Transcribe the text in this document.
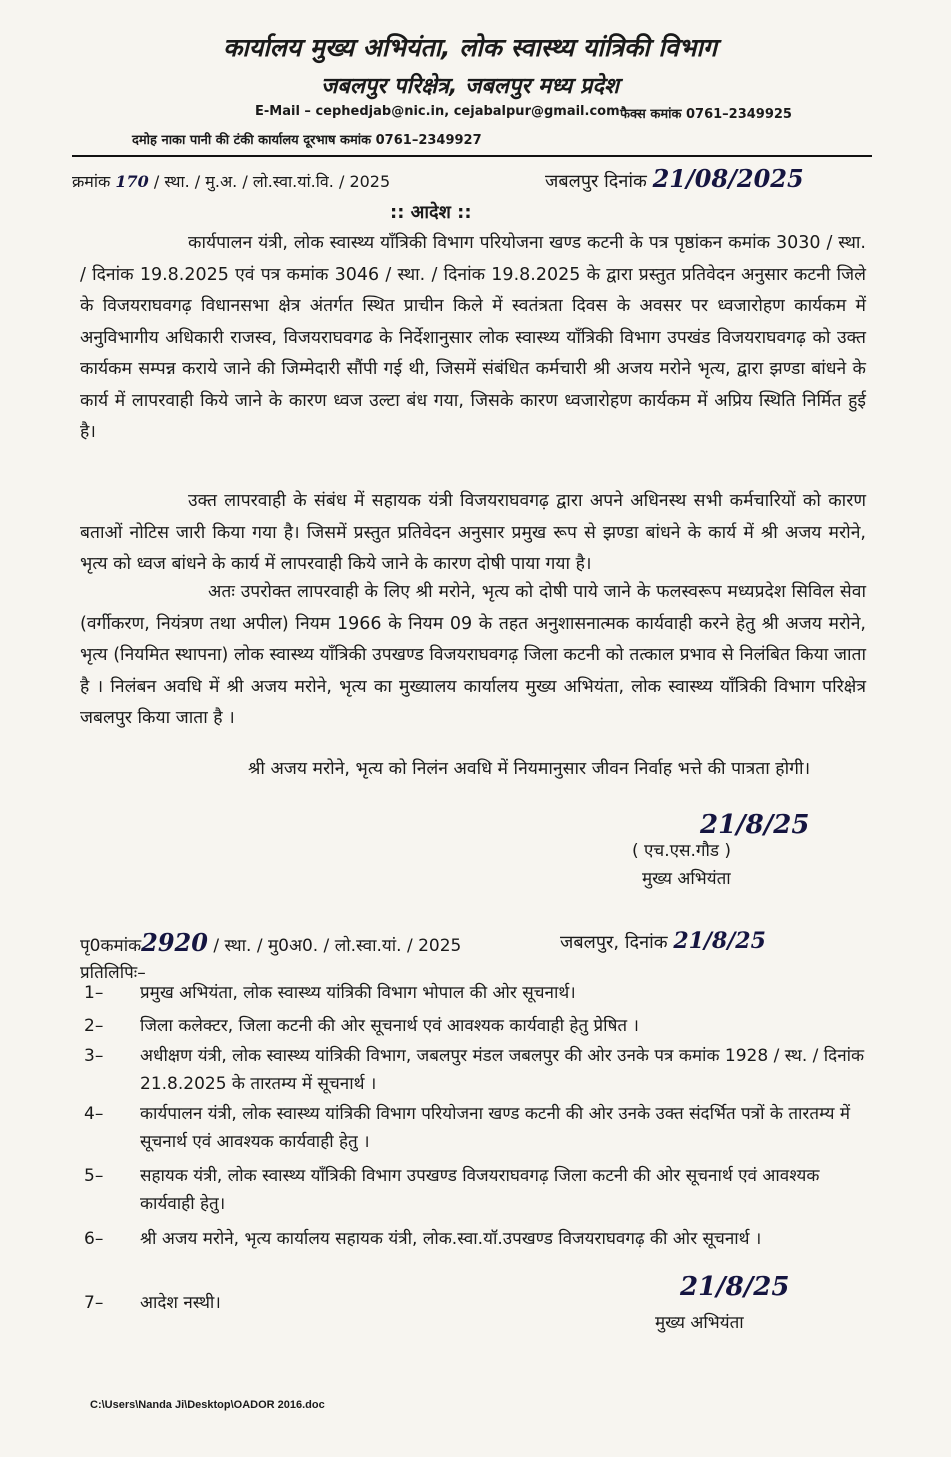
कार्यालय मुख्य अभियंता, लोक स्वास्थ्य यांत्रिकी विभाग
जबलपुर परिक्षेत्र, जबलपुर मध्य प्रदेश
E-Mail – cephedjab@nic.in, cejabalpur@gmail.com फैक्स कमांक 0761–2349925
दमोह नाका पानी की टंकी कार्यालय दूरभाष कमांक 0761–2349927
क्रमांक 170 / स्था. / मु.अ. / लो.स्वा.यां.वि. / 2025	जबलपुर दिनांक 21/08/2025
:: आदेश ::
कार्यपालन यंत्री, लोक स्वास्थ्य यॉंत्रिकी विभाग परियोजना खण्ड कटनी के पत्र पृष्ठांकन कमांक 3030 / स्था. / दिनांक 19.8.2025 एवं पत्र कमांक 3046 / स्था. / दिनांक 19.8.2025 के द्वारा प्रस्तुत प्रतिवेदन अनुसार कटनी जिले के विजयराघवगढ़ विधानसभा क्षेत्र अंतर्गत स्थित प्राचीन किले में स्वतंत्रता दिवस के अवसर पर ध्वजारोहण कार्यकम में अनुविभागीय अधिकारी राजस्व, विजयराघवगढ के निर्देशानुसार लोक स्वास्थ्य यॉंत्रिकी विभाग उपखंड विजयराघवगढ़ को उक्त कार्यकम सम्पन्न कराये जाने की जिम्मेदारी सौंपी गई थी, जिसमें संबंधित कर्मचारी श्री अजय मरोने भृत्य, द्वारा झण्डा बांधने के कार्य में लापरवाही किये जाने के कारण ध्वज उल्टा बंध गया, जिसके कारण ध्वजारोहण कार्यकम में अप्रिय स्थिति निर्मित हुई है।
उक्त लापरवाही के संबंध में सहायक यंत्री विजयराघवगढ़ द्वारा अपने अधिनस्थ सभी कर्मचारियों को कारण बताओं नोटिस जारी किया गया है। जिसमें प्रस्तुत प्रतिवेदन अनुसार प्रमुख रूप से झण्डा बांधने के कार्य में श्री अजय मरोने, भृत्य को ध्वज बांधने के कार्य में लापरवाही किये जाने के कारण दोषी पाया गया है।
अतः उपरोक्त लापरवाही के लिए श्री मरोने, भृत्य को दोषी पाये जाने के फलस्वरूप मध्यप्रदेश सिविल सेवा (वर्गीकरण, नियंत्रण तथा अपील) नियम 1966 के नियम 09 के तहत अनुशासनात्मक कार्यवाही करने हेतु श्री अजय मरोने, भृत्य (नियमित स्थापना) लोक स्वास्थ्य यॉंत्रिकी उपखण्ड विजयराघवगढ़ जिला कटनी को तत्काल प्रभाव से निलंबित किया जाता है । निलंबन अवधि में श्री अजय मरोने, भृत्य का मुख्यालय कार्यालय मुख्य अभियंता, लोक स्वास्थ्य यॉंत्रिकी विभाग परिक्षेत्र जबलपुर किया जाता है ।
श्री अजय मरोने, भृत्य को निलंन अवधि में नियमानुसार जीवन निर्वाह भत्ते की पात्रता होगी।
21/8/25
( एच.एस.गौड )
मुख्य अभियंता
पृ0कमांक2920 / स्था. / मु0अ0. / लो.स्वा.यां. / 2025	जबलपुर, दिनांक 21/8/25
प्रतिलिपिः–
1– प्रमुख अभियंता, लोक स्वास्थ्य यांत्रिकी विभाग भोपाल की ओर सूचनार्थ।
2– जिला कलेक्टर, जिला कटनी की ओर सूचनार्थ एवं आवश्यक कार्यवाही हेतु प्रेषित ।
3– अधीक्षण यंत्री, लोक स्वास्थ्य यांत्रिकी विभाग, जबलपुर मंडल जबलपुर की ओर उनके पत्र कमांक 1928 / स्थ. / दिनांक 21.8.2025 के तारतम्य में सूचनार्थ ।
4– कार्यपालन यंत्री, लोक स्वास्थ्य यांत्रिकी विभाग परियोजना खण्ड कटनी की ओर उनके उक्त संदर्भित पत्रों के तारतम्य में सूचनार्थ एवं आवश्यक कार्यवाही हेतु ।
5– सहायक यंत्री, लोक स्वास्थ्य यॉंत्रिकी विभाग उपखण्ड विजयराघवगढ़ जिला कटनी की ओर सूचनार्थ एवं आवश्यक कार्यवाही हेतु।
6– श्री अजय मरोने, भृत्य कार्यालय सहायक यंत्री, लोक.स्वा.यॉ.उपखण्ड विजयराघवगढ़ की ओर सूचनार्थ ।
7– आदेश नस्थी।
21/8/25
मुख्य अभियंता
C:\Users\Nanda Ji\Desktop\OADOR 2016.doc
